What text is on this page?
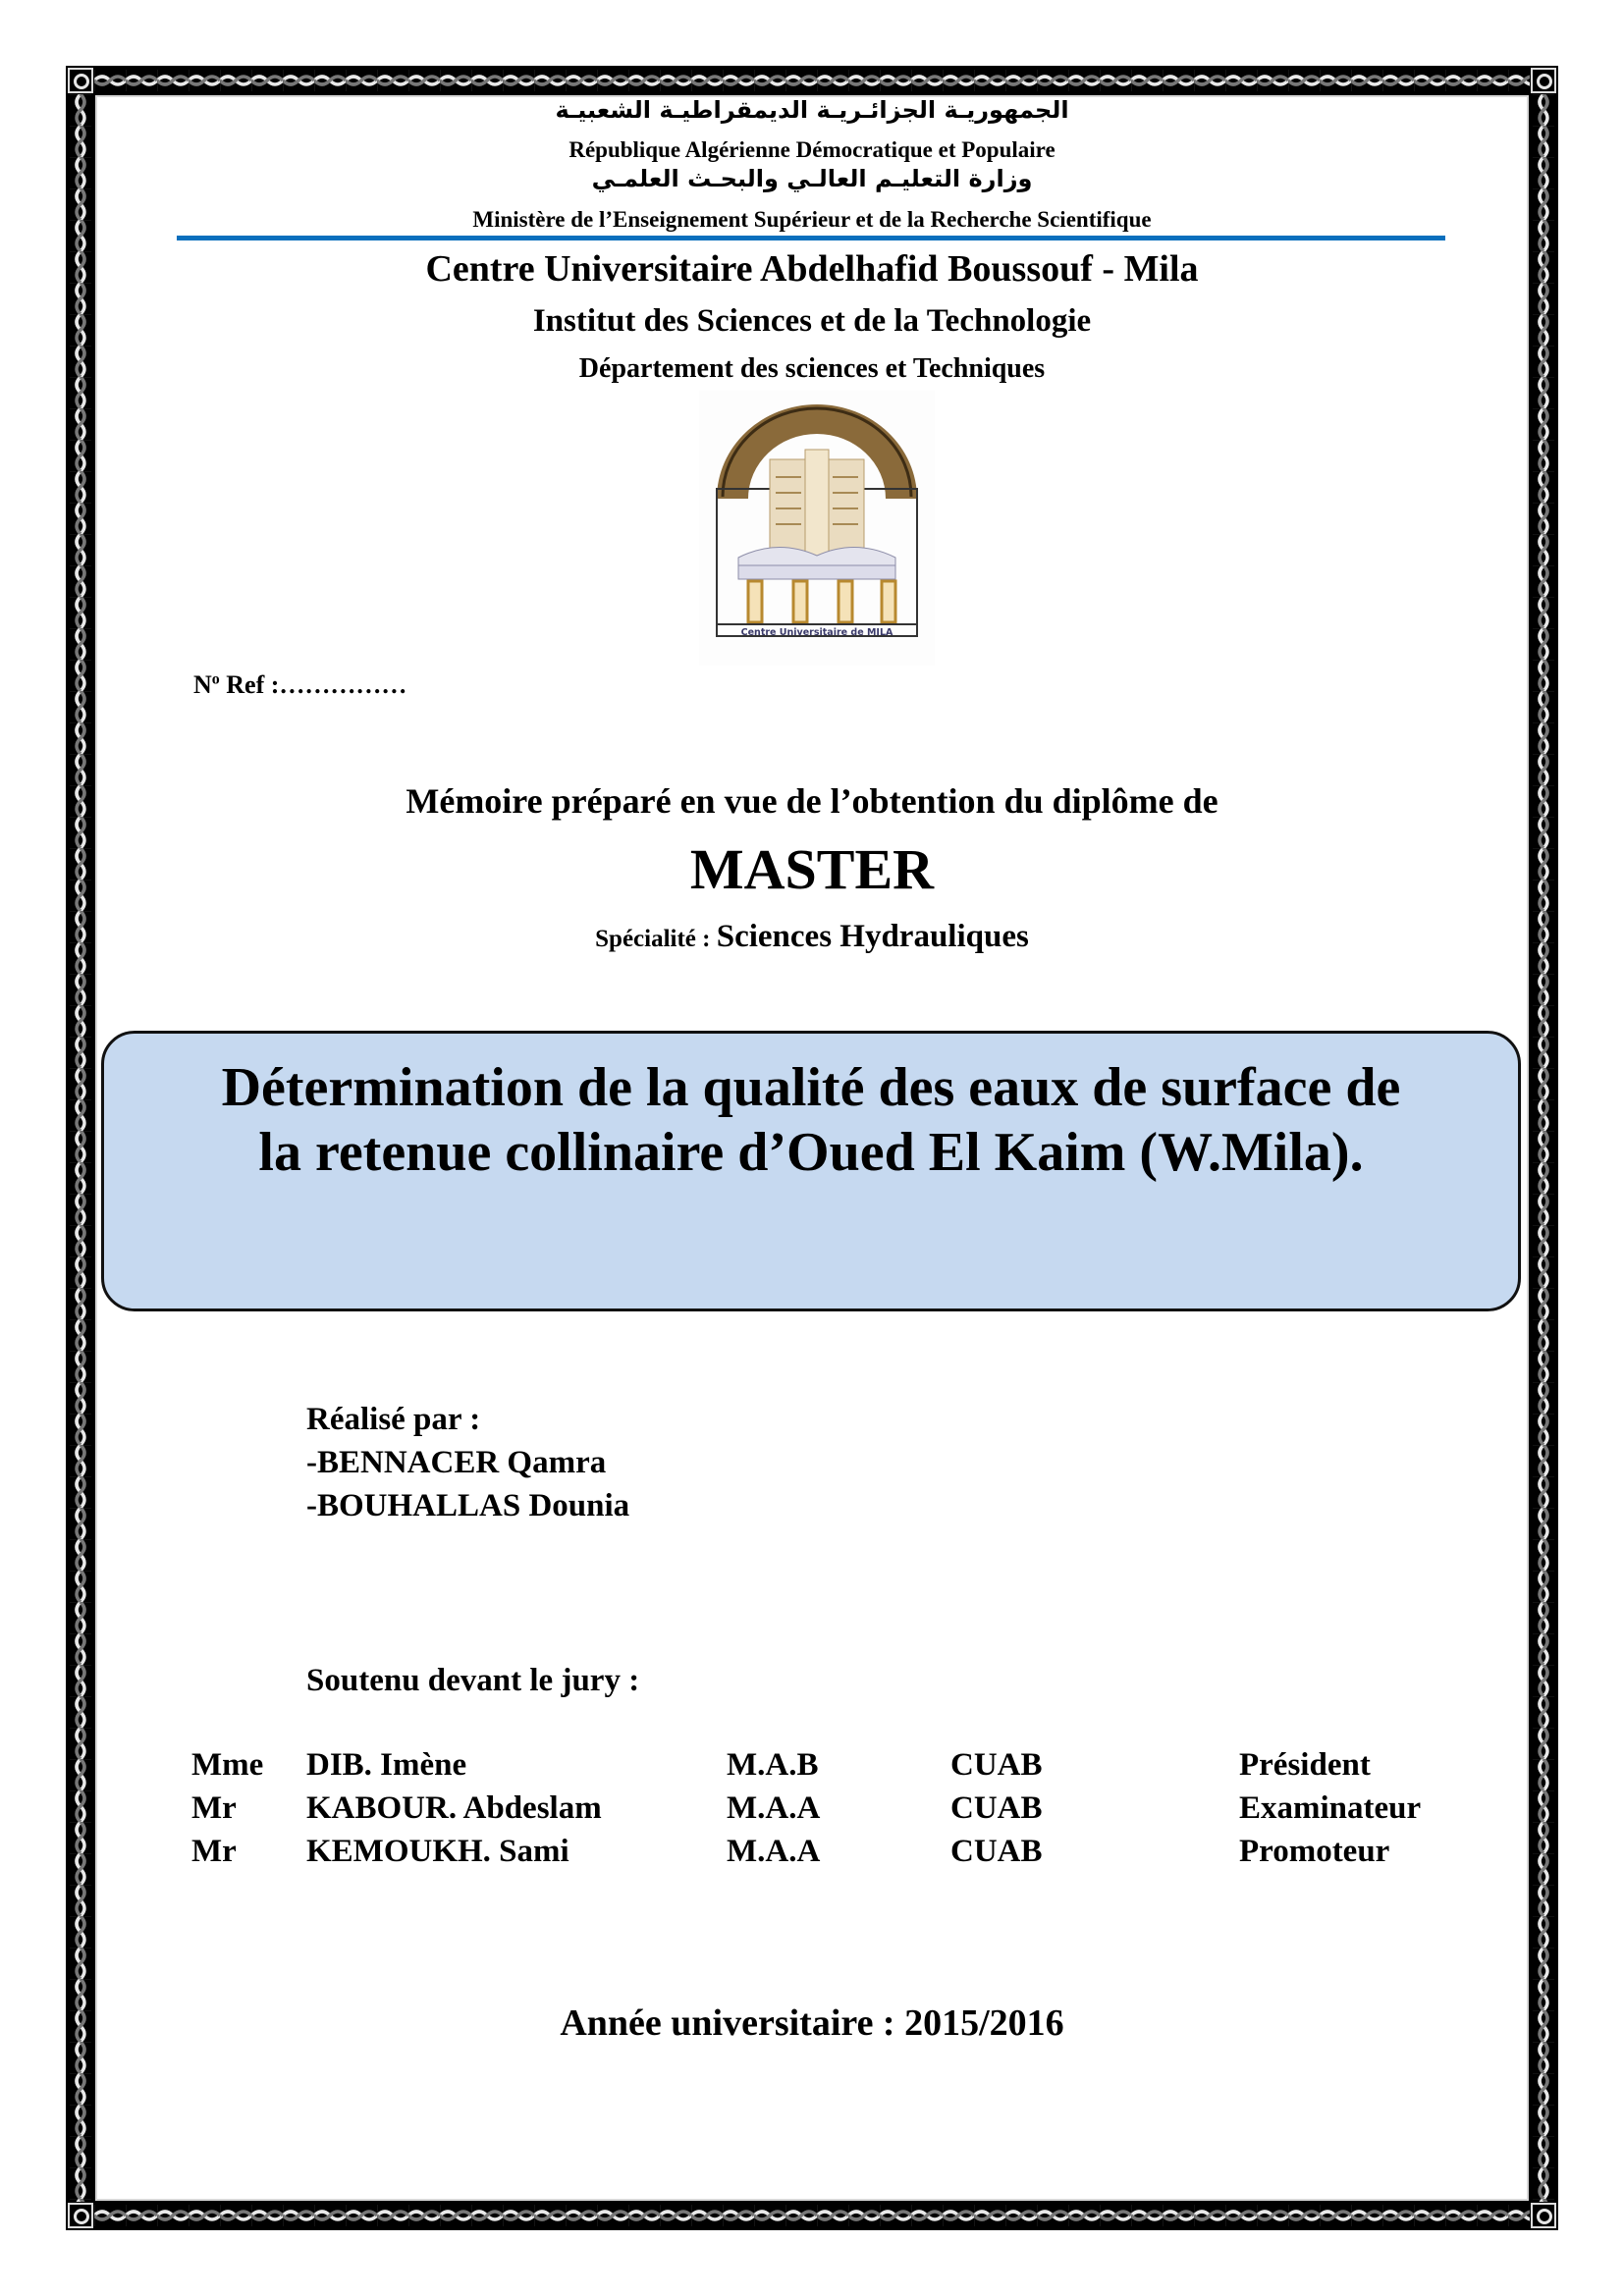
الجمهوريـة الجزائـريـة الديمقراطيـة الشعبيـة
République Algérienne Démocratique et Populaire
وزارة التعليـم العالـي والبحـث العلمـي
Ministère de l’Enseignement Supérieur et de la Recherche Scientifique
Centre Universitaire Abdelhafid Boussouf - Mila
Institut des Sciences et de la Technologie
Département des sciences et Techniques
Centre Universitaire de MILA
$N^o$ Ref :……………
Mémoire préparé en vue de l’obtention du diplôme de
MASTER
Spécialité : Sciences Hydrauliques
Détermination de la qualité des eaux de surface de
la retenue collinaire d’Oued El Kaim (W.Mila).
Réalisé par :
-BENNACER Qamra
-BOUHALLAS Dounia
Soutenu devant le jury :
Mme DIB. Imène	M.A.B	CUAB	Président
Mr KABOUR. Abdeslam	M.A.A	CUAB	Examinateur
Mr KEMOUKH. Sami	M.A.A	CUAB	Promoteur
Année universitaire : 2015/2016
